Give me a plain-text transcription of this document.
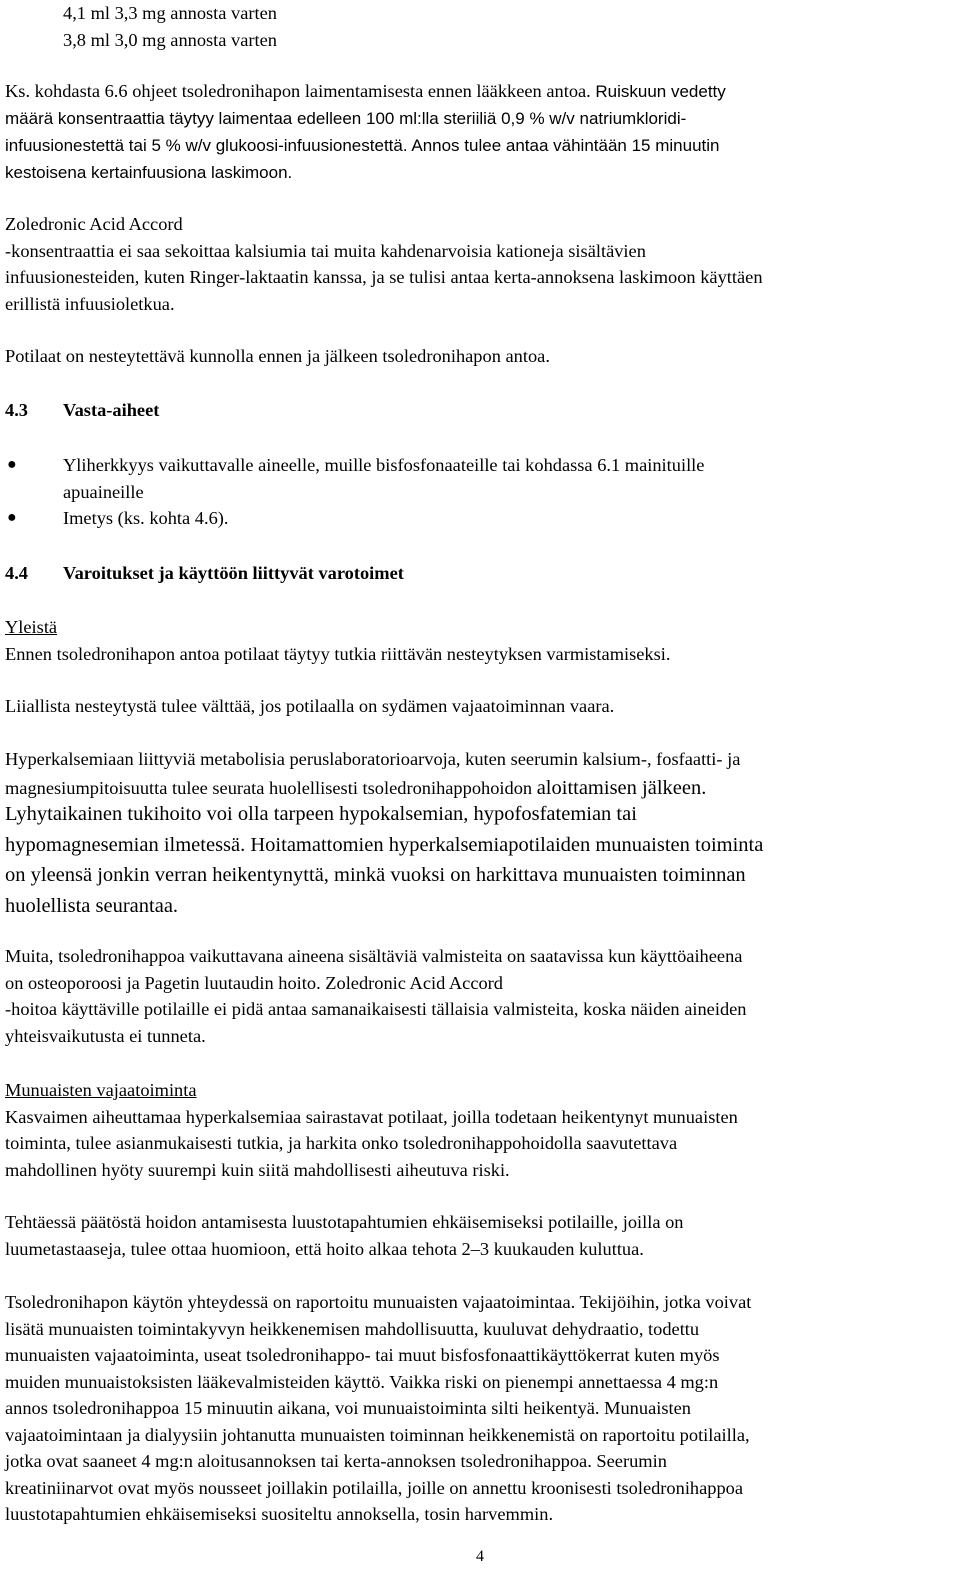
4,1 ml 3,3 mg annosta varten

3,8 ml 3,0 mg annosta varten

Ks. kohdasta 6.6 ohjeet tsoledronihapon laimentamisesta ennen lääkkeen antoa. Ruiskuun vedetty

määrä konsentraattia täytyy laimentaa edelleen 100 ml:lla steriiliä 0,9 % w/v natriumkloridi-

infuusionestettä tai 5 % w/v glukoosi-infuusionestettä. Annos tulee antaa vähintään 15 minuutin

kestoisena kertainfuusiona laskimoon.

Zoledronic Acid Accord

-konsentraattia ei saa sekoittaa kalsiumia tai muita kahdenarvoisia kationeja sisältävien

infuusionesteiden, kuten Ringer-laktaatin kanssa, ja se tulisi antaa kerta-annoksena laskimoon käyttäen

erillistä infuusioletkua.

Potilaat on nesteytettävä kunnolla ennen ja jälkeen tsoledronihapon antoa.

4.3 Vasta-aiheet

●	Yliherkkyys vaikuttavalle aineelle, muille bisfosfonaateille tai kohdassa 6.1 mainituille
apuaineille
●	Imetys (ks. kohta 4.6).

4.4 Varoitukset ja käyttöön liittyvät varotoimet

Yleistä

Ennen tsoledronihapon antoa potilaat täytyy tutkia riittävän nesteytyksen varmistamiseksi.

Liiallista nesteytystä tulee välttää, jos potilaalla on sydämen vajaatoiminnan vaara.

Hyperkalsemiaan liittyviä metabolisia peruslaboratorioarvoja, kuten seerumin kalsium-, fosfaatti- ja

magnesiumpitoisuutta tulee seurata huolellisesti tsoledronihappohoidon aloittamisen jälkeen.

Lyhytaikainen tukihoito voi olla tarpeen hypokalsemian, hypofosfatemian tai

hypomagnesemian ilmetessä. Hoitamattomien hyperkalsemiapotilaiden munuaisten toiminta

on yleensä jonkin verran heikentynyttä, minkä vuoksi on harkittava munuaisten toiminnan

huolellista seurantaa.

Muita, tsoledronihappoa vaikuttavana aineena sisältäviä valmisteita on saatavissa kun käyttöaiheena

on osteoporoosi ja Pagetin luutaudin hoito. Zoledronic Acid Accord

-hoitoa käyttäville potilaille ei pidä antaa samanaikaisesti tällaisia valmisteita, koska näiden aineiden

yhteisvaikutusta ei tunneta.

Munuaisten vajaatoiminta

Kasvaimen aiheuttamaa hyperkalsemiaa sairastavat potilaat, joilla todetaan heikentynyt munuaisten

toiminta, tulee asianmukaisesti tutkia, ja harkita onko tsoledronihappohoidolla saavutettava

mahdollinen hyöty suurempi kuin siitä mahdollisesti aiheutuva riski.

Tehtäessä päätöstä hoidon antamisesta luustotapahtumien ehkäisemiseksi potilaille, joilla on

luumetastaaseja, tulee ottaa huomioon, että hoito alkaa tehota 2–3 kuukauden kuluttua.

Tsoledronihapon käytön yhteydessä on raportoitu munuaisten vajaatoimintaa. Tekijöihin, jotka voivat

lisätä munuaisten toimintakyvyn heikkenemisen mahdollisuutta, kuuluvat dehydraatio, todettu

munuaisten vajaatoiminta, useat tsoledronihappo- tai muut bisfosfonaattikäyttökerrat kuten myös

muiden munuaistoksisten lääkevalmisteiden käyttö. Vaikka riski on pienempi annettaessa 4 mg:n

annos tsoledronihappoa 15 minuutin aikana, voi munuaistoiminta silti heikentyä. Munuaisten

vajaatoimintaan ja dialyysiin johtanutta munuaisten toiminnan heikkenemistä on raportoitu potilailla,

jotka ovat saaneet 4 mg:n aloitusannoksen tai kerta-annoksen tsoledronihappoa. Seerumin

kreatiniinarvot ovat myös nousseet joillakin potilailla, joille on annettu kroonisesti tsoledronihappoa

luustotapahtumien ehkäisemiseksi suositeltu annoksella, tosin harvemmin.

4
